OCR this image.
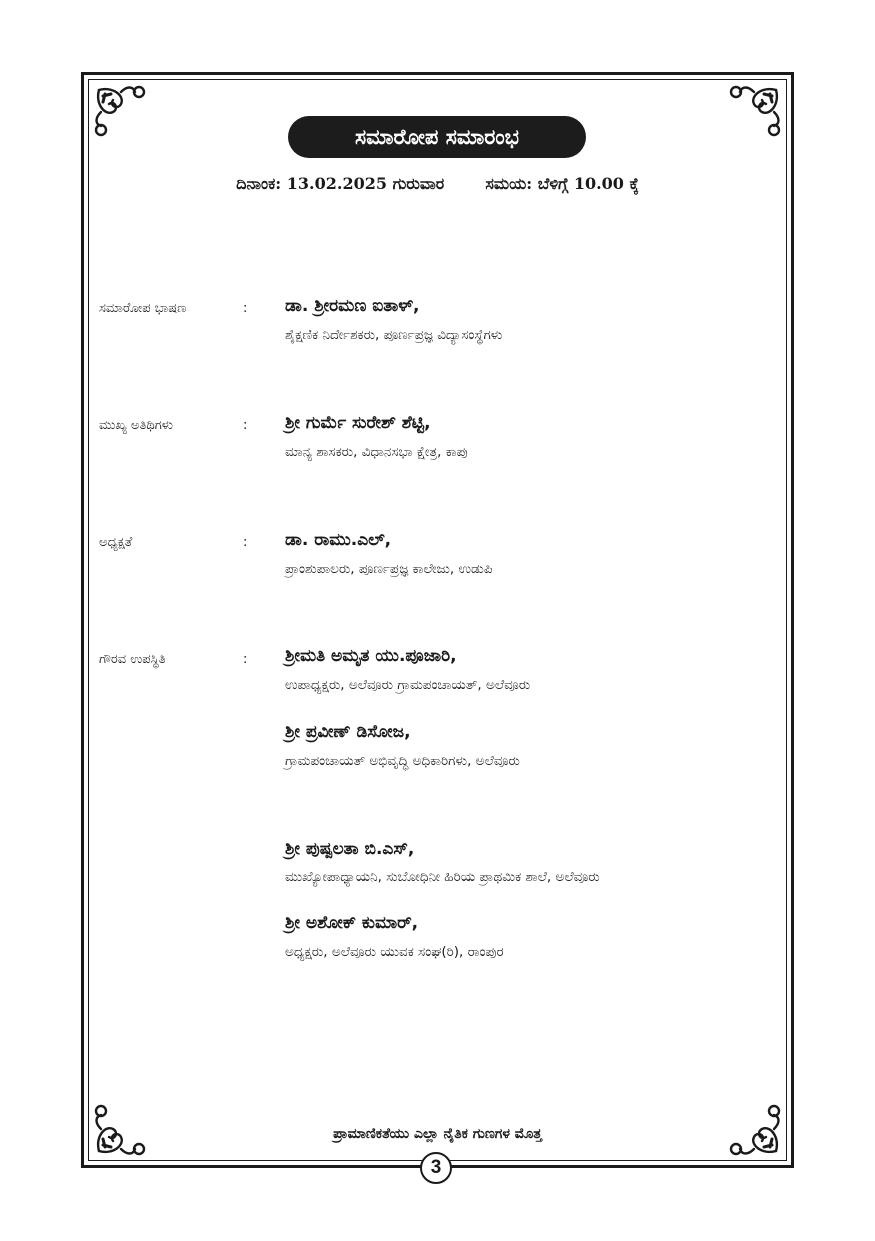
ಸಮಾರೋಪ ಸಮಾರಂಭ
ದಿನಾಂಕ: 13.02.2025 ಗುರುವಾರ	ಸಮಯ: ಬೆಳಿಗ್ಗೆ 10.00 ಕ್ಕೆ
ಸಮಾರೋಪ ಭಾಷಣ	: ಡಾ. ಶ್ರೀರಮಣ ಐತಾಳ್,
ಶೈಕ್ಷಣಿಕ ನಿರ್ದೇಶಕರು, ಪೂರ್ಣಪ್ರಜ್ಞ ವಿದ್ಯಾಸಂಸ್ಥೆಗಳು
ಮುಖ್ಯ ಅತಿಥಿಗಳು	: ಶ್ರೀ ಗುರ್ಮೆ ಸುರೇಶ್ ಶೆಟ್ಟಿ,
ಮಾನ್ಯ ಶಾಸಕರು, ವಿಧಾನಸಭಾ ಕ್ಷೇತ್ರ, ಕಾಪು
ಅಧ್ಯಕ್ಷತೆ	: ಡಾ. ರಾಮು.ಎಲ್,
ಪ್ರಾಂಶುಪಾಲರು, ಪೂರ್ಣಪ್ರಜ್ಞ ಕಾಲೇಜು, ಉಡುಪಿ
ಗೌರವ ಉಪಸ್ಥಿತಿ	: ಶ್ರೀಮತಿ ಅಮೃತ ಯು.ಪೂಜಾರಿ,
ಉಪಾಧ್ಯಕ್ಷರು, ಅಲೆವೂರು ಗ್ರಾಮಪಂಚಾಯತ್, ಅಲೆವೂರು
ಶ್ರೀ ಪ್ರವೀಣ್ ಡಿಸೋಜ,
ಗ್ರಾಮಪಂಚಾಯತ್ ಅಭಿವೃದ್ಧಿ ಅಧಿಕಾರಿಗಳು, ಅಲೆವೂರು
ಶ್ರೀ ಪುಷ್ಪಲತಾ ಬಿ.ಎಸ್,
ಮುಖ್ಯೋಪಾಧ್ಯಾಯನಿ, ಸುಬೋಧಿನೀ ಹಿರಿಯ ಪ್ರಾಥಮಿಕ ಶಾಲೆ, ಅಲೆವೂರು
ಶ್ರೀ ಅಶೋಕ್ ಕುಮಾರ್,
ಅಧ್ಯಕ್ಷರು, ಅಲೆವೂರು ಯುವಕ ಸಂಘ(ರಿ), ರಾಂಪುರ
ಪ್ರಾಮಾಣಿಕತೆಯು ಎಲ್ಲಾ ನೈತಿಕ ಗುಣಗಳ ಮೊತ್ತ
3
